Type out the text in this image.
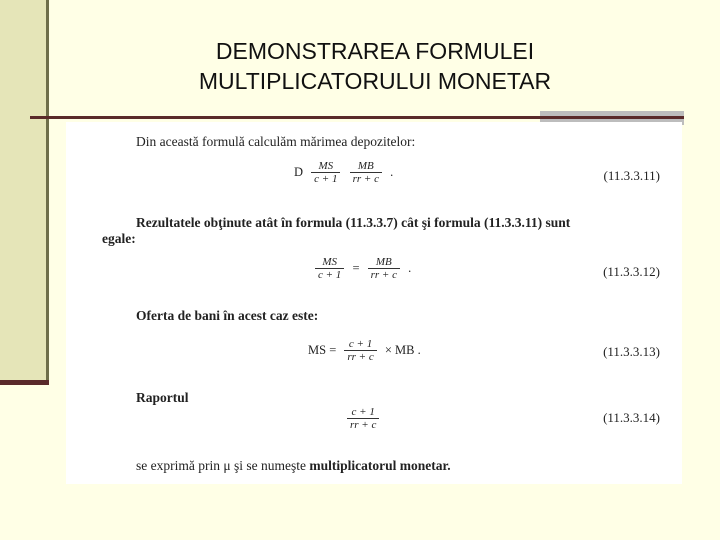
DEMONSTRAREA FORMULEI
MULTIPLICATORULUI MONETAR
Din această formulă calculăm mărimea depozitelor:
D $\frac{MS}{c + 1}$
$\frac{MB}{rr + c}$ .	(11.3.3.11)
Rezultatele obţinute atât în formula (11.3.3.7) cât şi formula (11.3.3.11) sunt
egale:
$\frac{MS}{c + 1} = \frac{MB}{rr + c}$ .	(11.3.3.12)
Oferta de bani în acest caz este:
MS = $\frac{c + 1}{rr + c}$ × MB .	(11.3.3.13)
Raportul
$\frac{c + 1}{rr + c}$	(11.3.3.14)
se exprimă prin μ şi se numeşte multiplicatorul monetar.
